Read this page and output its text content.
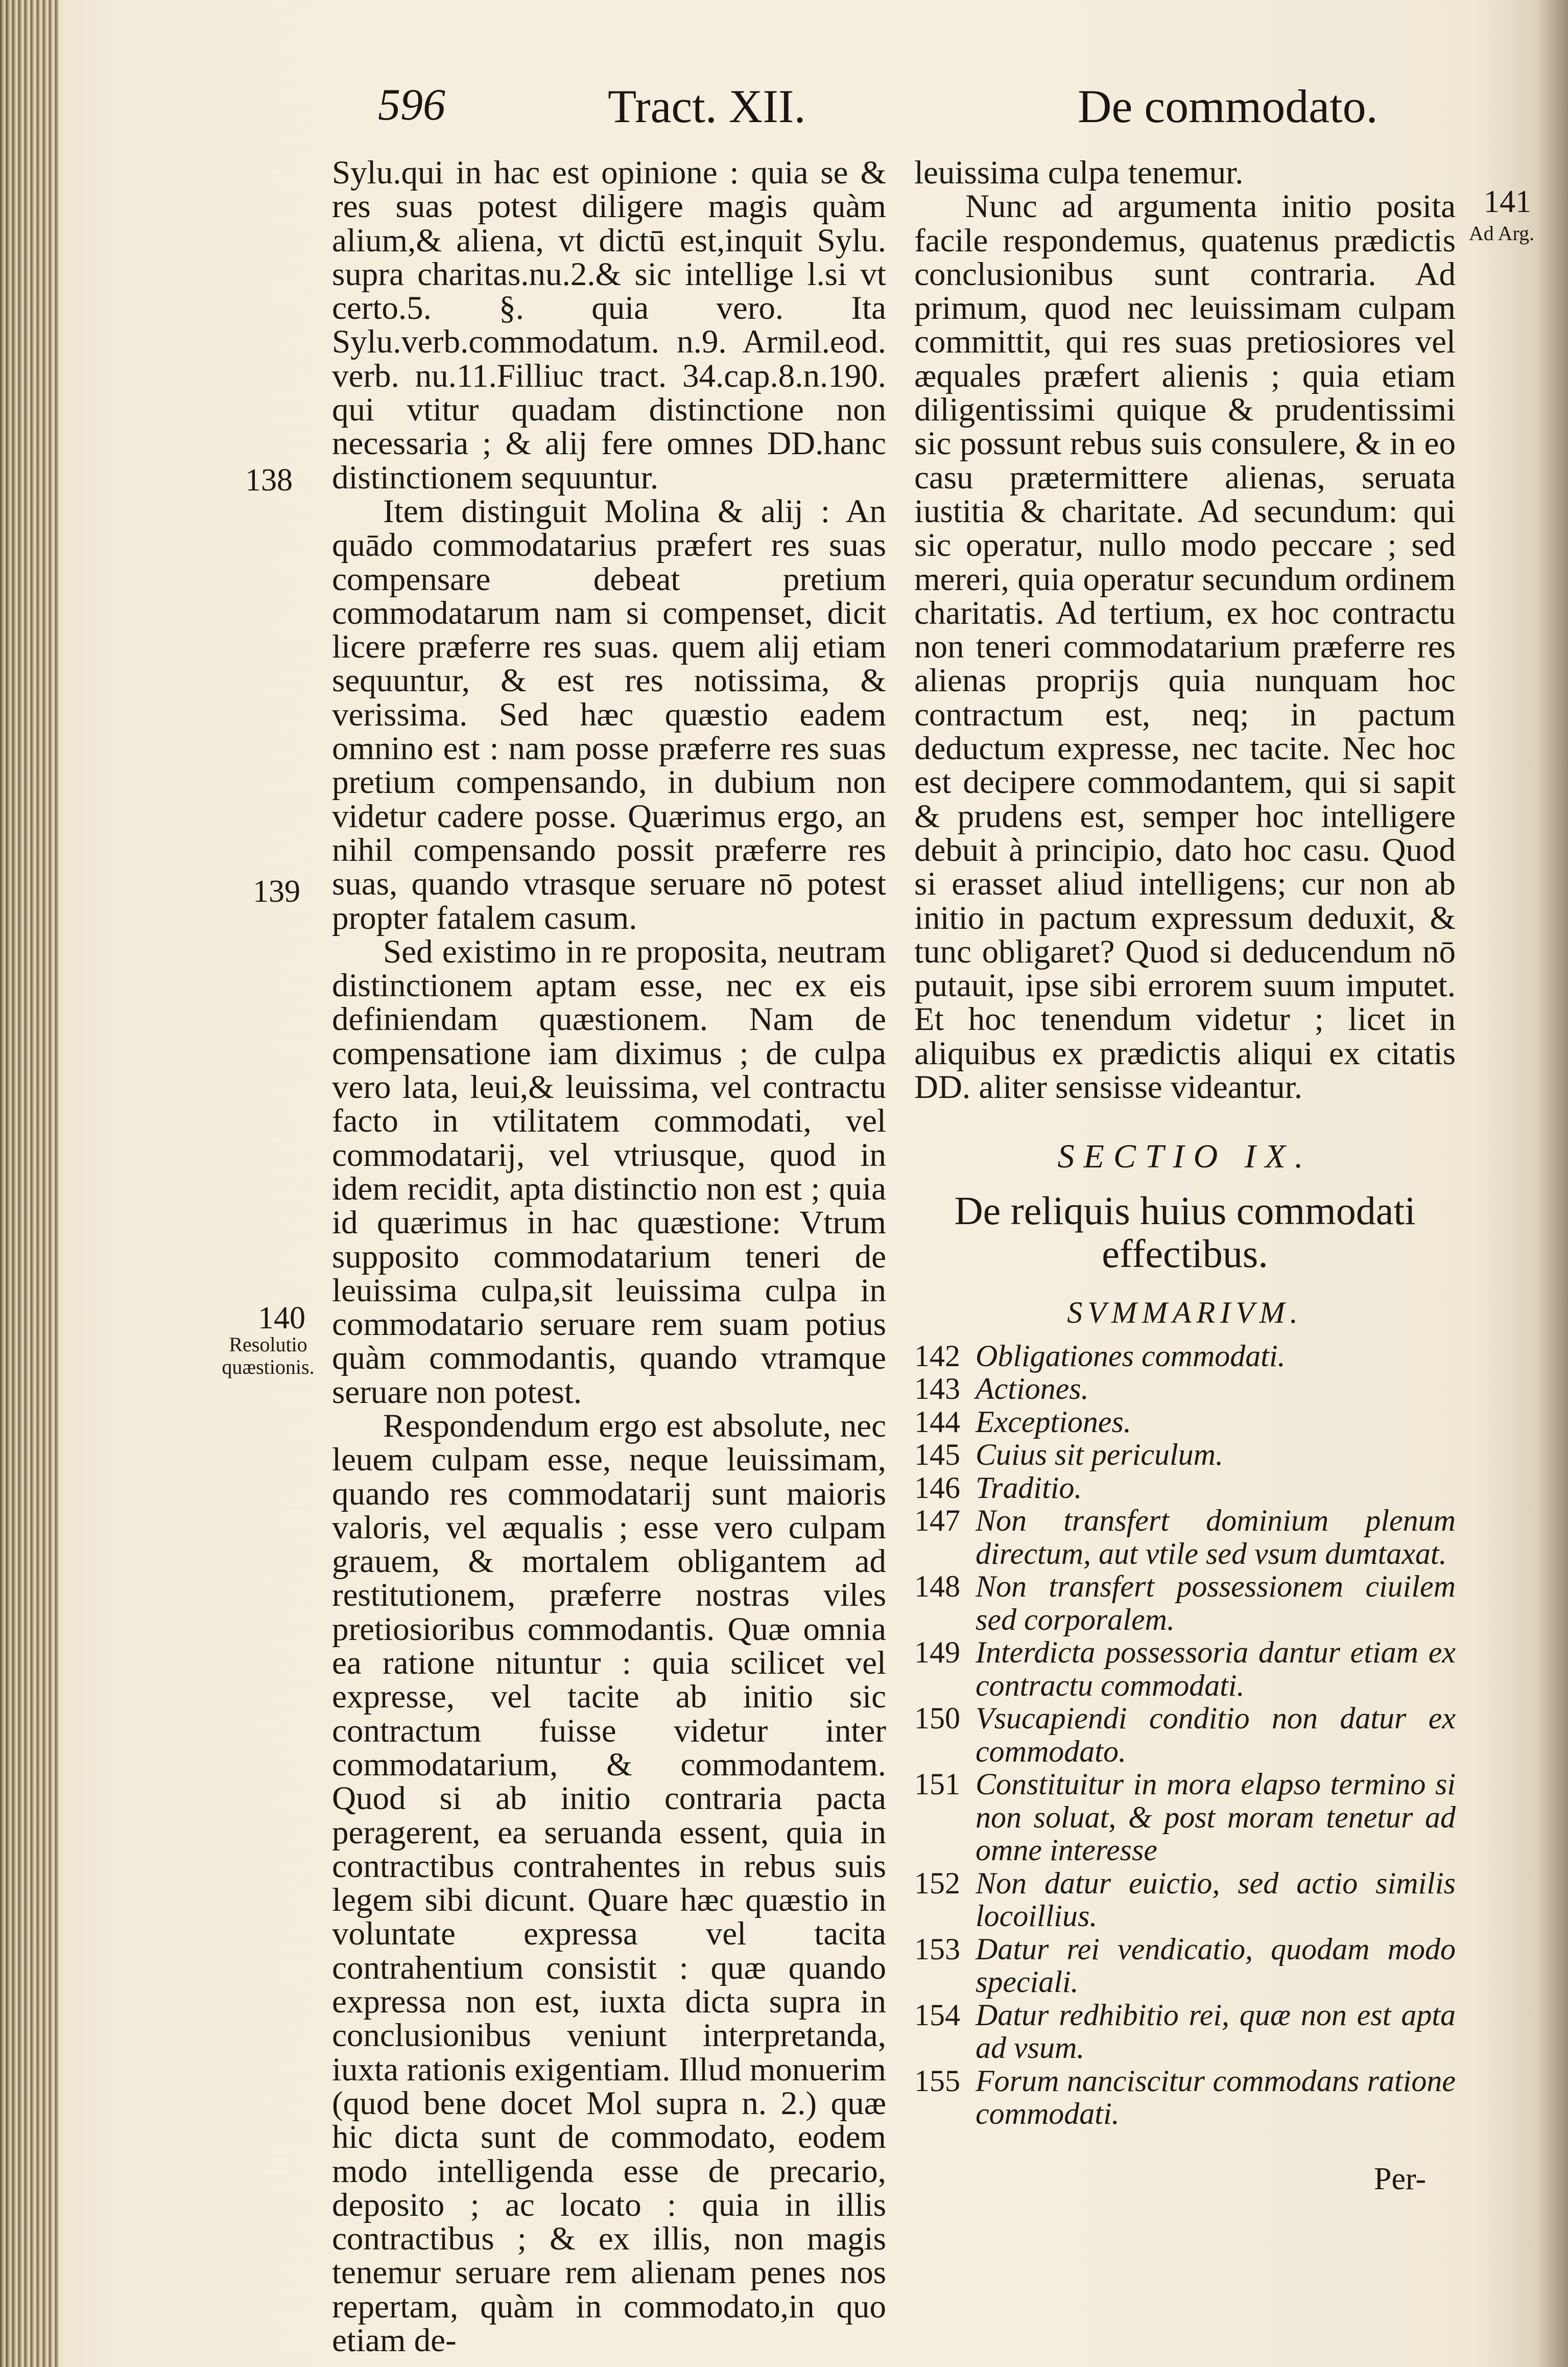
596	Tract. XII.	De commodato.
138
139
140
Resolutio quæstionis.
141
Ad Arg.

Sylu.qui in hac est opinione : quia se & res suas potest diligere magis quàm alium,& aliena, vt dictū est,inquit Sylu. supra charitas.nu.2.& sic intellige l.si vt certo.5. §. quia vero. Ita Sylu.verb.commodatum. n.9. Armil.eod. verb. nu.11.Filliuc tract. 34.cap.8.n.190. qui vtitur quadam distinctione non necessaria ; & alij fere omnes DD.hanc distinctionem sequuntur.

Item distinguit Molina & alij : An quādo commodatarius præfert res suas compensare debeat pretium commodatarum nam si compenset, dicit licere præferre res suas. quem alij etiam sequuntur, & est res notissima, & verissima. Sed hæc quæstio eadem omnino est : nam posse præferre res suas pretium compensando, in dubium non videtur cadere posse. Quærimus ergo, an nihil compensando possit præferre res suas, quando vtrasque seruare nō potest propter fatalem casum.

Sed existimo in re proposita, neutram distinctionem aptam esse, nec ex eis definiendam quæstionem. Nam de compensatione iam diximus ; de culpa vero lata, leui,& leuissima, vel contractu facto in vtilitatem commodati, vel commodatarij, vel vtriusque, quod in idem recidit, apta distinctio non est ; quia id quærimus in hac quæstione: Vtrum supposito commodatarium teneri de leuissima culpa,sit leuissima culpa in commodatario seruare rem suam potius quàm commodantis, quando vtramque seruare non potest.

Respondendum ergo est absolute, nec leuem culpam esse, neque leuissimam, quando res commodatarij sunt maioris valoris, vel æqualis ; esse vero culpam grauem, & mortalem obligantem ad restitutionem, præferre nostras viles pretiosioribus commodantis. Quæ omnia ea ratione nituntur : quia scilicet vel expresse, vel tacite ab initio sic contractum fuisse videtur inter commodatarium, & commodantem. Quod si ab initio contraria pacta peragerent, ea seruanda essent, quia in contractibus contrahentes in rebus suis legem sibi dicunt. Quare hæc quæstio in voluntate expressa vel tacita contrahentium consistit : quæ quando expressa non est, iuxta dicta supra in conclusionibus veniunt interpretanda, iuxta rationis exigentiam. Illud monuerim (quod bene docet Mol supra n. 2.) quæ hic dicta sunt de commodato, eodem modo intelligenda esse de precario, deposito ; ac locato : quia in illis contractibus ; & ex illis, non magis tenemur seruare rem alienam penes nos repertam, quàm in commodato,in quo etiam de-

leuissima culpa tenemur.

Nunc ad argumenta initio posita facile respondemus, quatenus prædictis conclusionibus sunt contraria. Ad primum, quod nec leuissimam culpam committit, qui res suas pretiosiores vel æquales præfert alienis ; quia etiam diligentissimi quique & prudentissimi sic possunt rebus suis consulere, & in eo casu prætermittere alienas, seruata iustitia & charitate. Ad secundum: qui sic operatur, nullo modo peccare ; sed mereri, quia operatur secundum ordinem charitatis. Ad tertium, ex hoc contractu non teneri commodatarium præferre res alienas proprijs quia nunquam hoc contractum est, neq; in pactum deductum expresse, nec tacite. Nec hoc est decipere commodantem, qui si sapit & prudens est, semper hoc intelligere debuit à principio, dato hoc casu. Quod si erasset aliud intelligens; cur non ab initio in pactum expressum deduxit, & tunc obligaret? Quod si deducendum nō putauit, ipse sibi errorem suum imputet. Et hoc tenendum videtur ; licet in aliquibus ex prædictis aliqui ex citatis DD. aliter sensisse videantur.

SECTIO IX.
De reliquis huius commodati effectibus.
SVMMARIVM.
142 Obligationes commodati.
143 Actiones.
144 Exceptiones.
145 Cuius sit periculum.
146 Traditio.
147 Non transfert dominium plenum directum, aut vtile sed vsum dumtaxat.
148 Non transfert possessionem ciuilem sed corporalem.
149 Interdicta possessoria dantur etiam ex contractu commodati.
150 Vsucapiendi conditio non datur ex commodato.
151 Constituitur in mora elapso termino si non soluat, & post moram tenetur ad omne interesse
152 Non datur euictio, sed actio similis locoillius.
153 Datur rei vendicatio, quodam modo speciali.
154 Datur redhibitio rei, quæ non est apta ad vsum.
155 Forum nanciscitur commodans ratione commodati.
Per-
